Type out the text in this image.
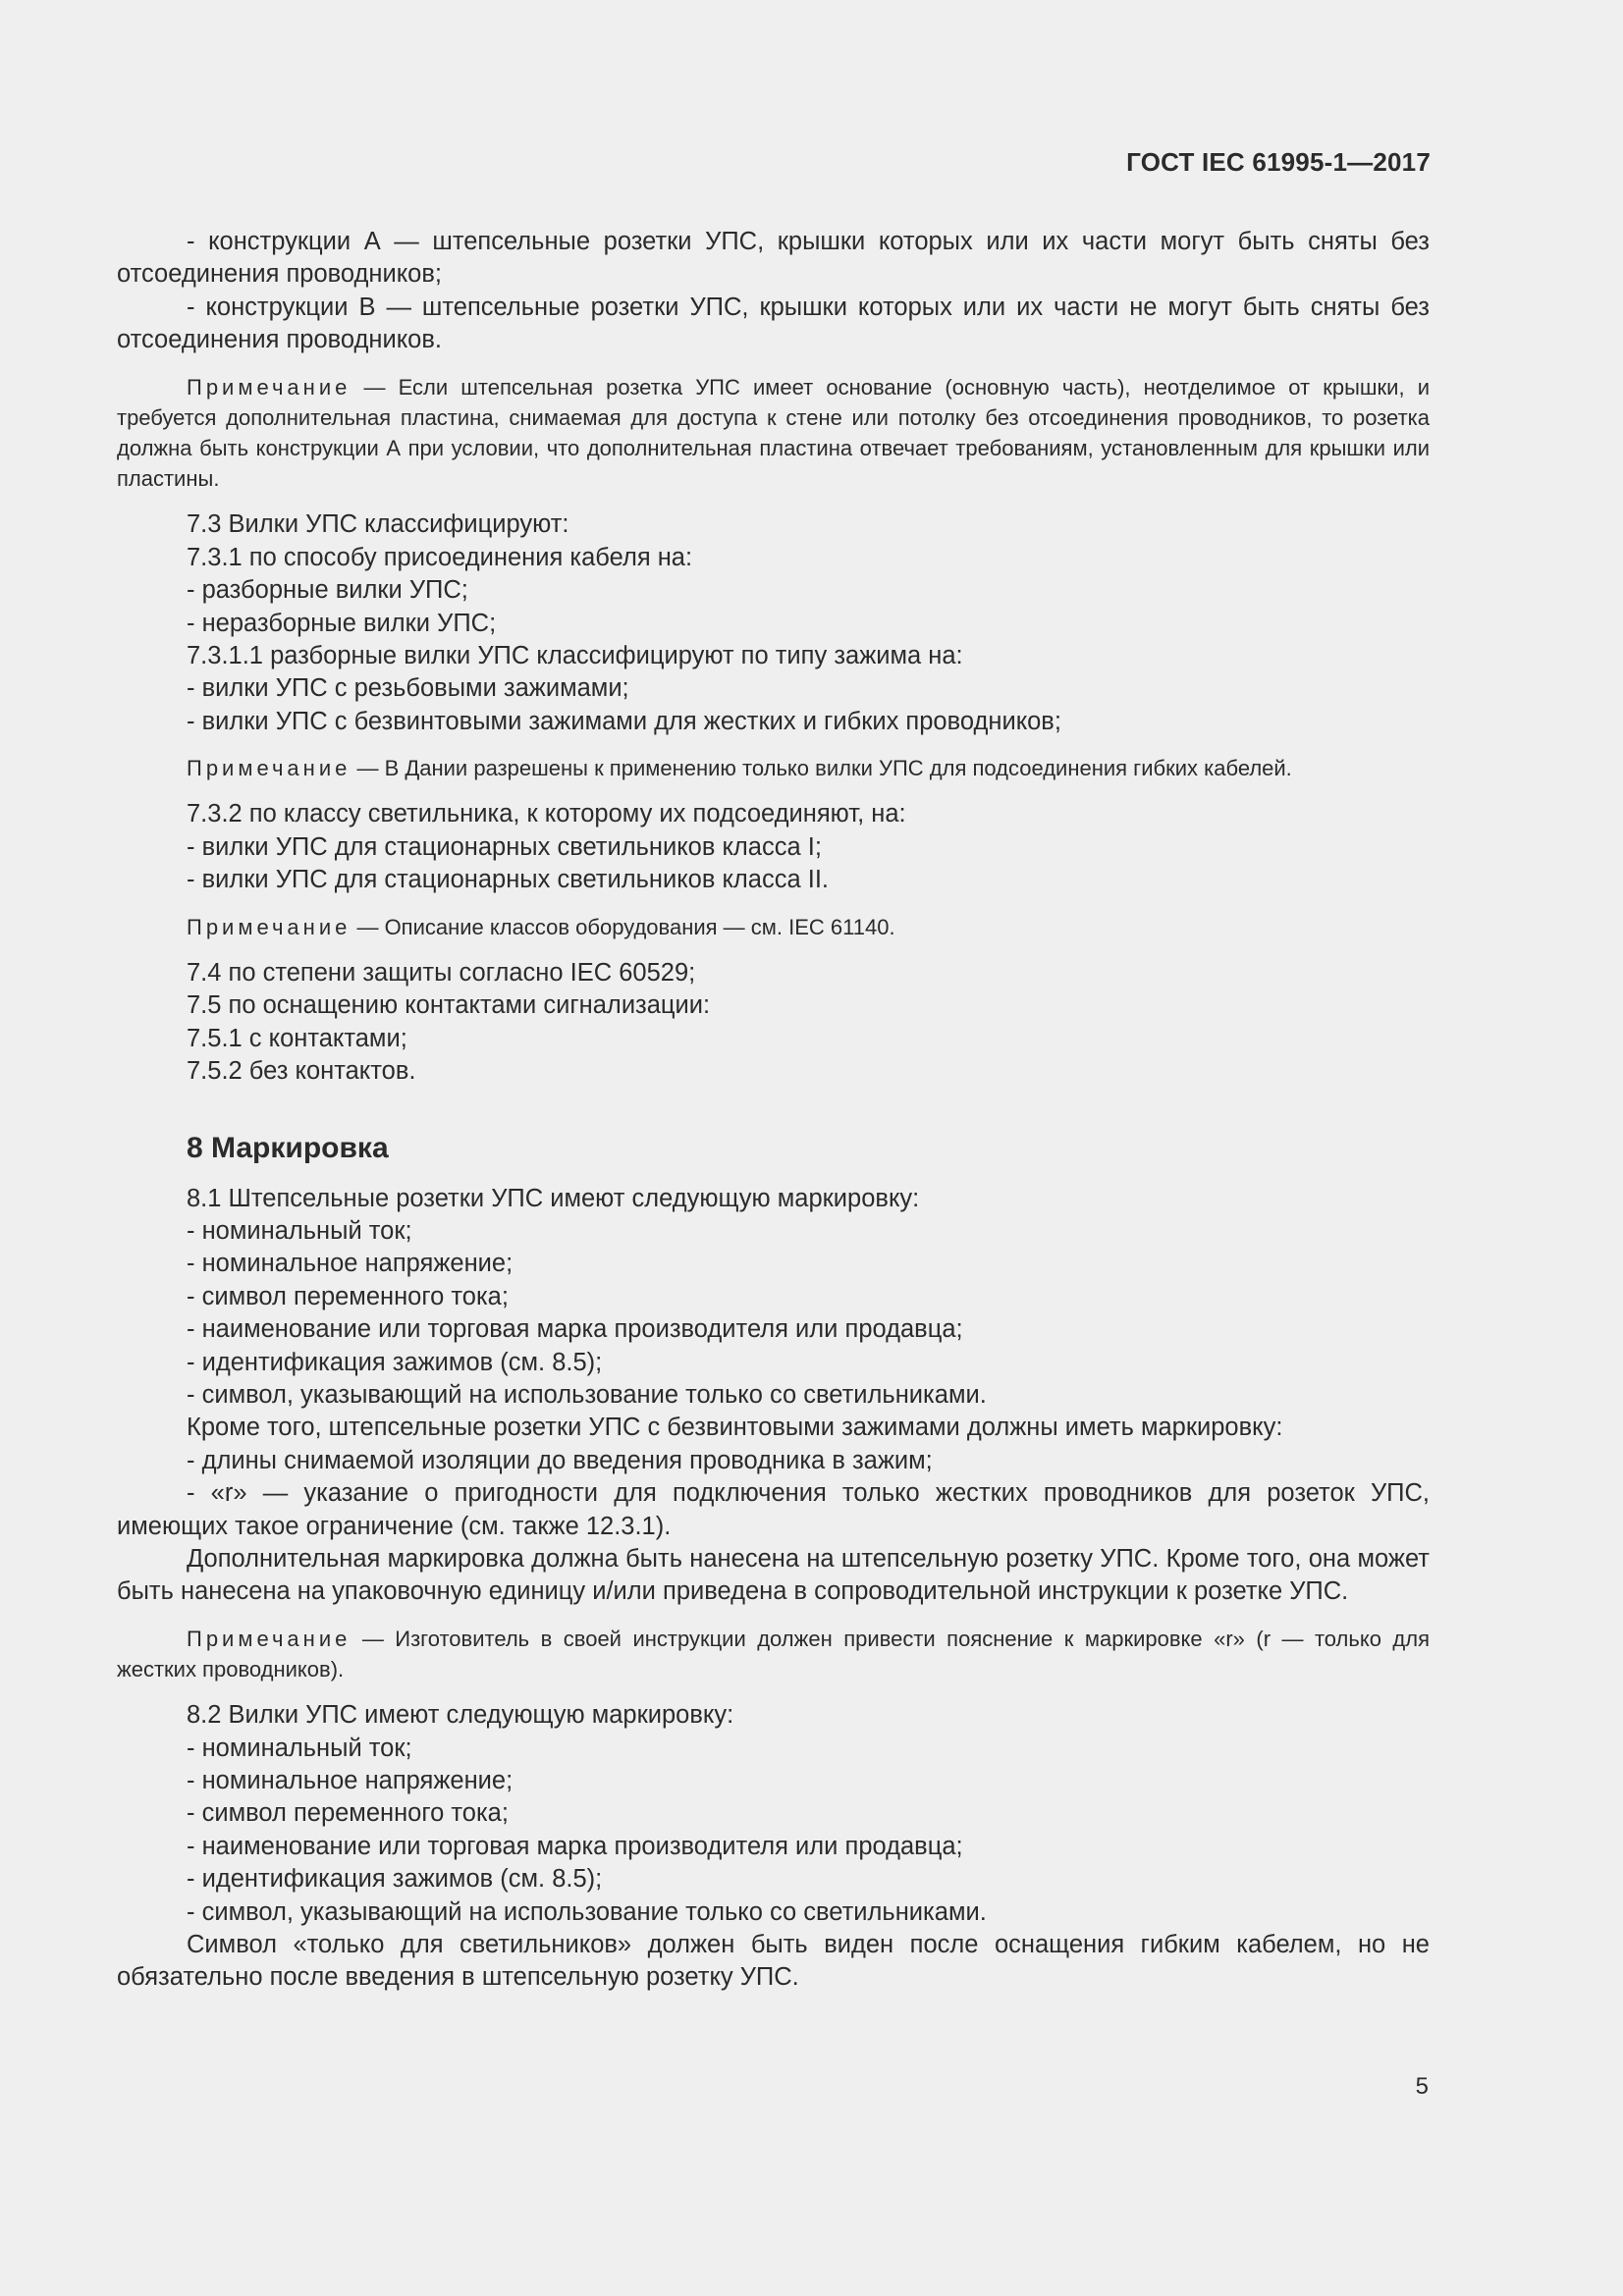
ГОСТ IEC 61995-1—2017

- конструкции А — штепсельные розетки УПС, крышки которых или их части могут быть сняты без отсоединения проводников;

- конструкции В — штепсельные розетки УПС, крышки которых или их части не могут быть сняты без отсоединения проводников.

Примечание — Если штепсельная розетка УПС имеет основание (основную часть), неотделимое от крышки, и требуется дополнительная пластина, снимаемая для доступа к стене или потолку без отсоединения проводников, то розетка должна быть конструкции А при условии, что дополнительная пластина отвечает требованиям, установленным для крышки или пластины.

7.3 Вилки УПС классифицируют:

7.3.1 по способу присоединения кабеля на:

- разборные вилки УПС;

- неразборные вилки УПС;

7.3.1.1 разборные вилки УПС классифицируют по типу зажима на:

- вилки УПС с резьбовыми зажимами;

- вилки УПС с безвинтовыми зажимами для жестких и гибких проводников;

Примечание — В Дании разрешены к применению только вилки УПС для подсоединения гибких кабелей.

7.3.2 по классу светильника, к которому их подсоединяют, на:

- вилки УПС для стационарных светильников класса I;

- вилки УПС для стационарных светильников класса II.

Примечание — Описание классов оборудования — см. IEC 61140.

7.4 по степени защиты согласно IEC 60529;

7.5 по оснащению контактами сигнализации:

7.5.1 с контактами;

7.5.2 без контактов.

8 Маркировка

8.1 Штепсельные розетки УПС имеют следующую маркировку:

- номинальный ток;

- номинальное напряжение;

- символ переменного тока;

- наименование или торговая марка производителя или продавца;

- идентификация зажимов (см. 8.5);

- символ, указывающий на использование только со светильниками.

Кроме того, штепсельные розетки УПС с безвинтовыми зажимами должны иметь маркировку:

- длины снимаемой изоляции до введения проводника в зажим;

- «r» — указание о пригодности для подключения только жестких проводников для розеток УПС, имеющих такое ограничение (см. также 12.3.1).

Дополнительная маркировка должна быть нанесена на штепсельную розетку УПС. Кроме того, она может быть нанесена на упаковочную единицу и/или приведена в сопроводительной инструкции к розетке УПС.

Примечание — Изготовитель в своей инструкции должен привести пояснение к маркировке «r» (r — только для жестких проводников).

8.2 Вилки УПС имеют следующую маркировку:

- номинальный ток;

- номинальное напряжение;

- символ переменного тока;

- наименование или торговая марка производителя или продавца;

- идентификация зажимов (см. 8.5);

- символ, указывающий на использование только со светильниками.

Символ «только для светильников» должен быть виден после оснащения гибким кабелем, но не обязательно после введения в штепсельную розетку УПС.

5
